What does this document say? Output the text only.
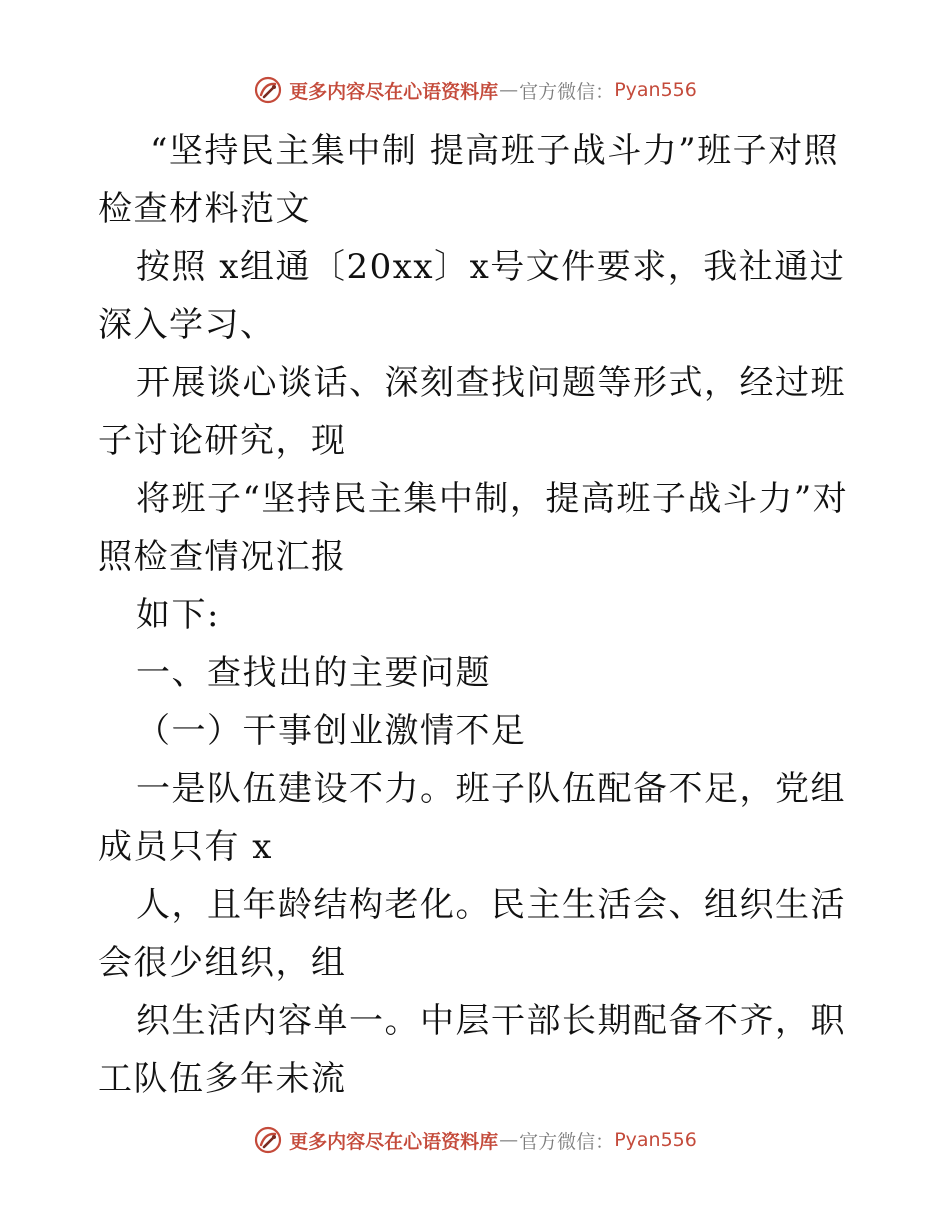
更多内容尽在心语资料库 — 官方微信： Pyan556

“坚持民主集中制 提高班子战斗力”班子对照检查材料范文

按照 x组通〔20xx〕x号文件要求，我社通过深入学习、

开展谈心谈话、深刻查找问题等形式，经过班子讨论研究，现

将班子“坚持民主集中制，提高班子战斗力”对照检查情况汇报

如下:

一、查找出的主要问题

（一）干事创业激情不足

一是队伍建设不力。班子队伍配备不足，党组成员只有 x

人，且年龄结构老化。民主生活会、组织生活会很少组织，组

织生活内容单一。中层干部长期配备不齐，职工队伍多年未流

更多内容尽在心语资料库 — 官方微信： Pyan556
